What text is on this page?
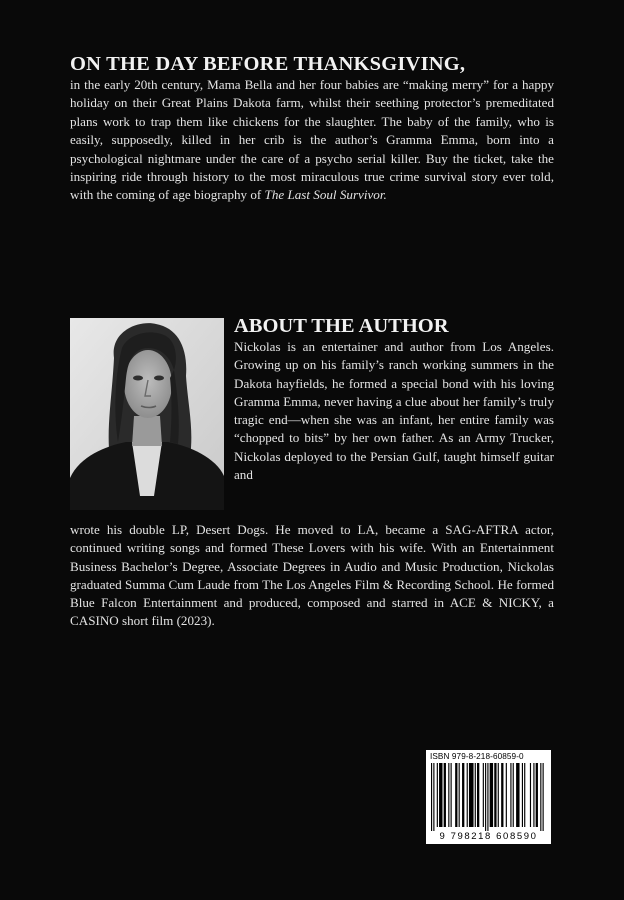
ON THE DAY BEFORE THANKSGIVING,

in the early 20th century, Mama Bella and her four babies are “making merry” for a happy holiday on their Great Plains Dakota farm, whilst their seething protector’s premeditated plans work to trap them like chickens for the slaughter. The baby of the family, who is easily, supposedly, killed in her crib is the author’s Gramma Emma, born into a psychological nightmare under the care of a psycho serial killer. Buy the ticket, take the inspiring ride through history to the most miraculous true crime survival story ever told, with the coming of age biography of The Last Soul Survivor.

ABOUT THE AUTHOR

Nickolas is an entertainer and author from Los Angeles. Growing up on his family’s ranch working summers in the Dakota hayfields, he formed a special bond with his loving Gramma Emma, never having a clue about her family’s truly tragic end—when she was an infant, her entire family was “chopped to bits” by her own father. As an Army Trucker, Nickolas deployed to the Persian Gulf, taught himself guitar and

wrote his double LP, Desert Dogs. He moved to LA, became a SAG-AFTRA actor, continued writing songs and formed These Lovers with his wife. With an Entertainment Business Bachelor’s Degree, Associate Degrees in Audio and Music Production, Nickolas graduated Summa Cum Laude from The Los Angeles Film & Recording School. He formed Blue Falcon Entertainment and produced, composed and starred in ACE & NICKY, a CASINO short film (2023).

ISBN 979-8-218-60859-0
9 798218 608590
